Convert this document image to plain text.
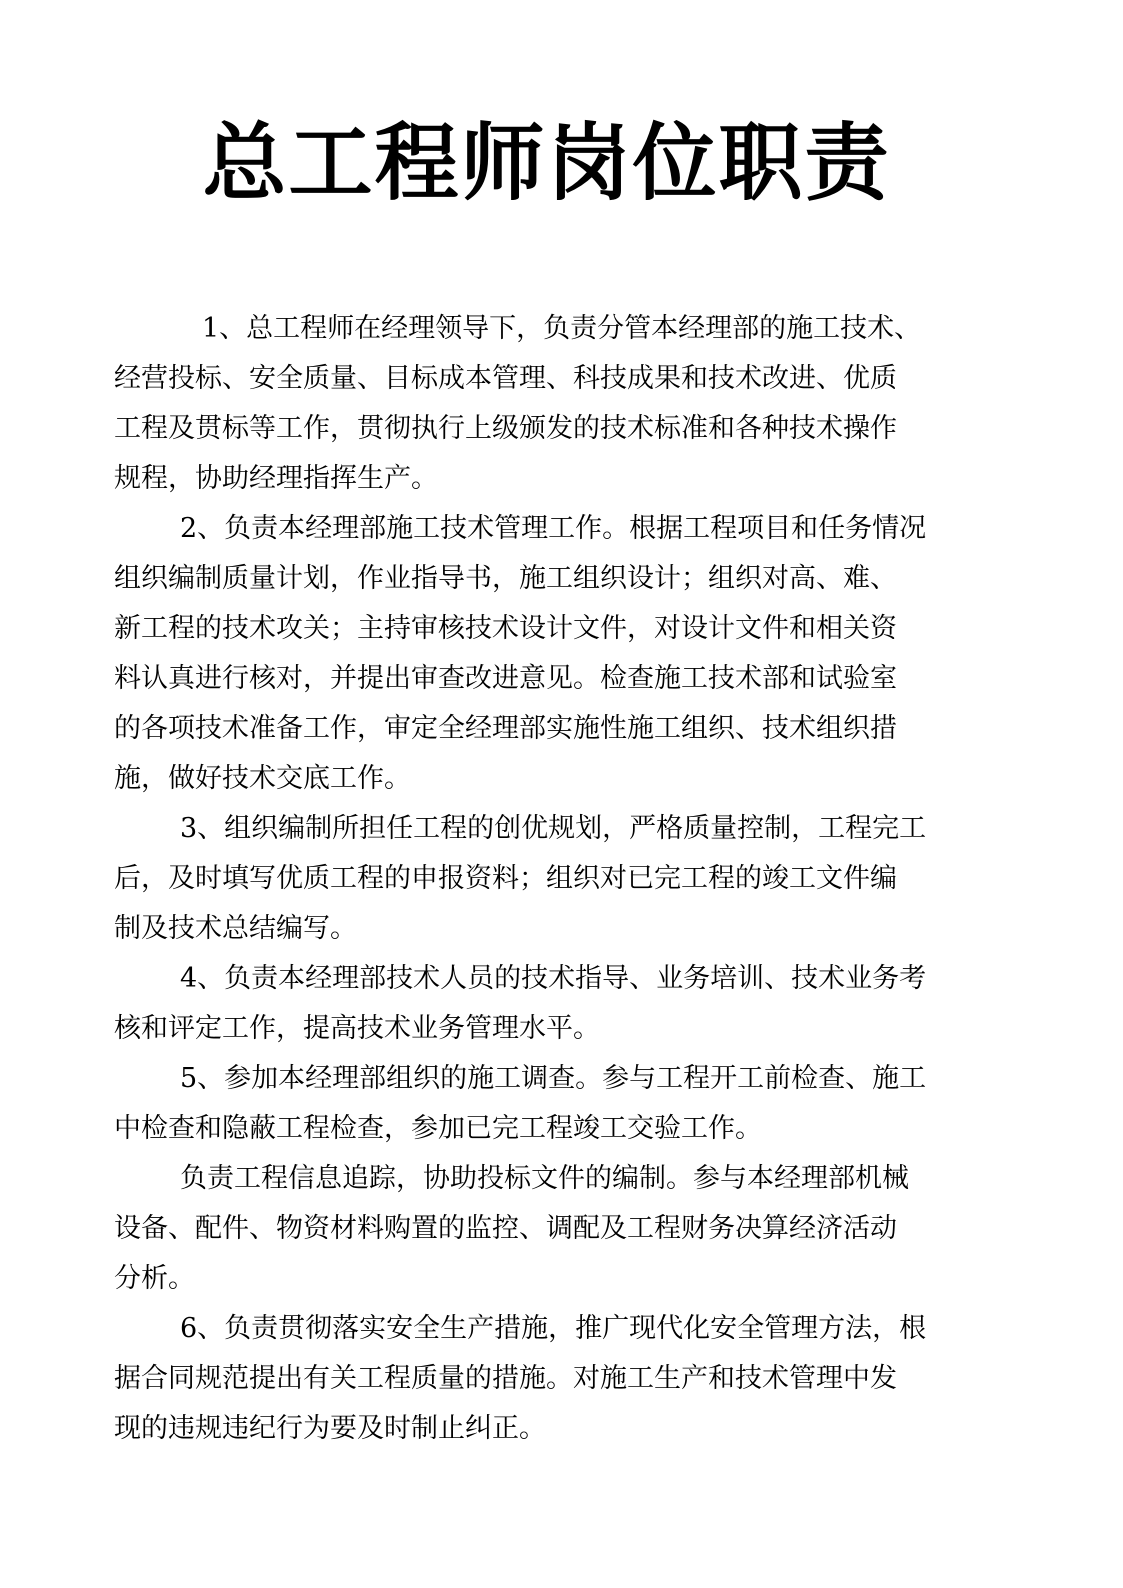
总工程师岗位职责
1、总工程师在经理领导下，负责分管本经理部的施工技术、
经营投标、安全质量、目标成本管理、科技成果和技术改进、优质
工程及贯标等工作，贯彻执行上级颁发的技术标准和各种技术操作
规程，协助经理指挥生产。
2、负责本经理部施工技术管理工作。根据工程项目和任务情况
组织编制质量计划，作业指导书，施工组织设计；组织对高、难、
新工程的技术攻关；主持审核技术设计文件，对设计文件和相关资
料认真进行核对，并提出审查改进意见。检查施工技术部和试验室
的各项技术准备工作，审定全经理部实施性施工组织、技术组织措
施，做好技术交底工作。
3、组织编制所担任工程的创优规划，严格质量控制，工程完工
后，及时填写优质工程的申报资料；组织对已完工程的竣工文件编
制及技术总结编写。
4、负责本经理部技术人员的技术指导、业务培训、技术业务考
核和评定工作，提高技术业务管理水平。
5、参加本经理部组织的施工调查。参与工程开工前检查、施工
中检查和隐蔽工程检查，参加已完工程竣工交验工作。
负责工程信息追踪，协助投标文件的编制。参与本经理部机械
设备、配件、物资材料购置的监控、调配及工程财务决算经济活动
分析。
6、负责贯彻落实安全生产措施，推广现代化安全管理方法，根
据合同规范提出有关工程质量的措施。对施工生产和技术管理中发
现的违规违纪行为要及时制止纠正。
